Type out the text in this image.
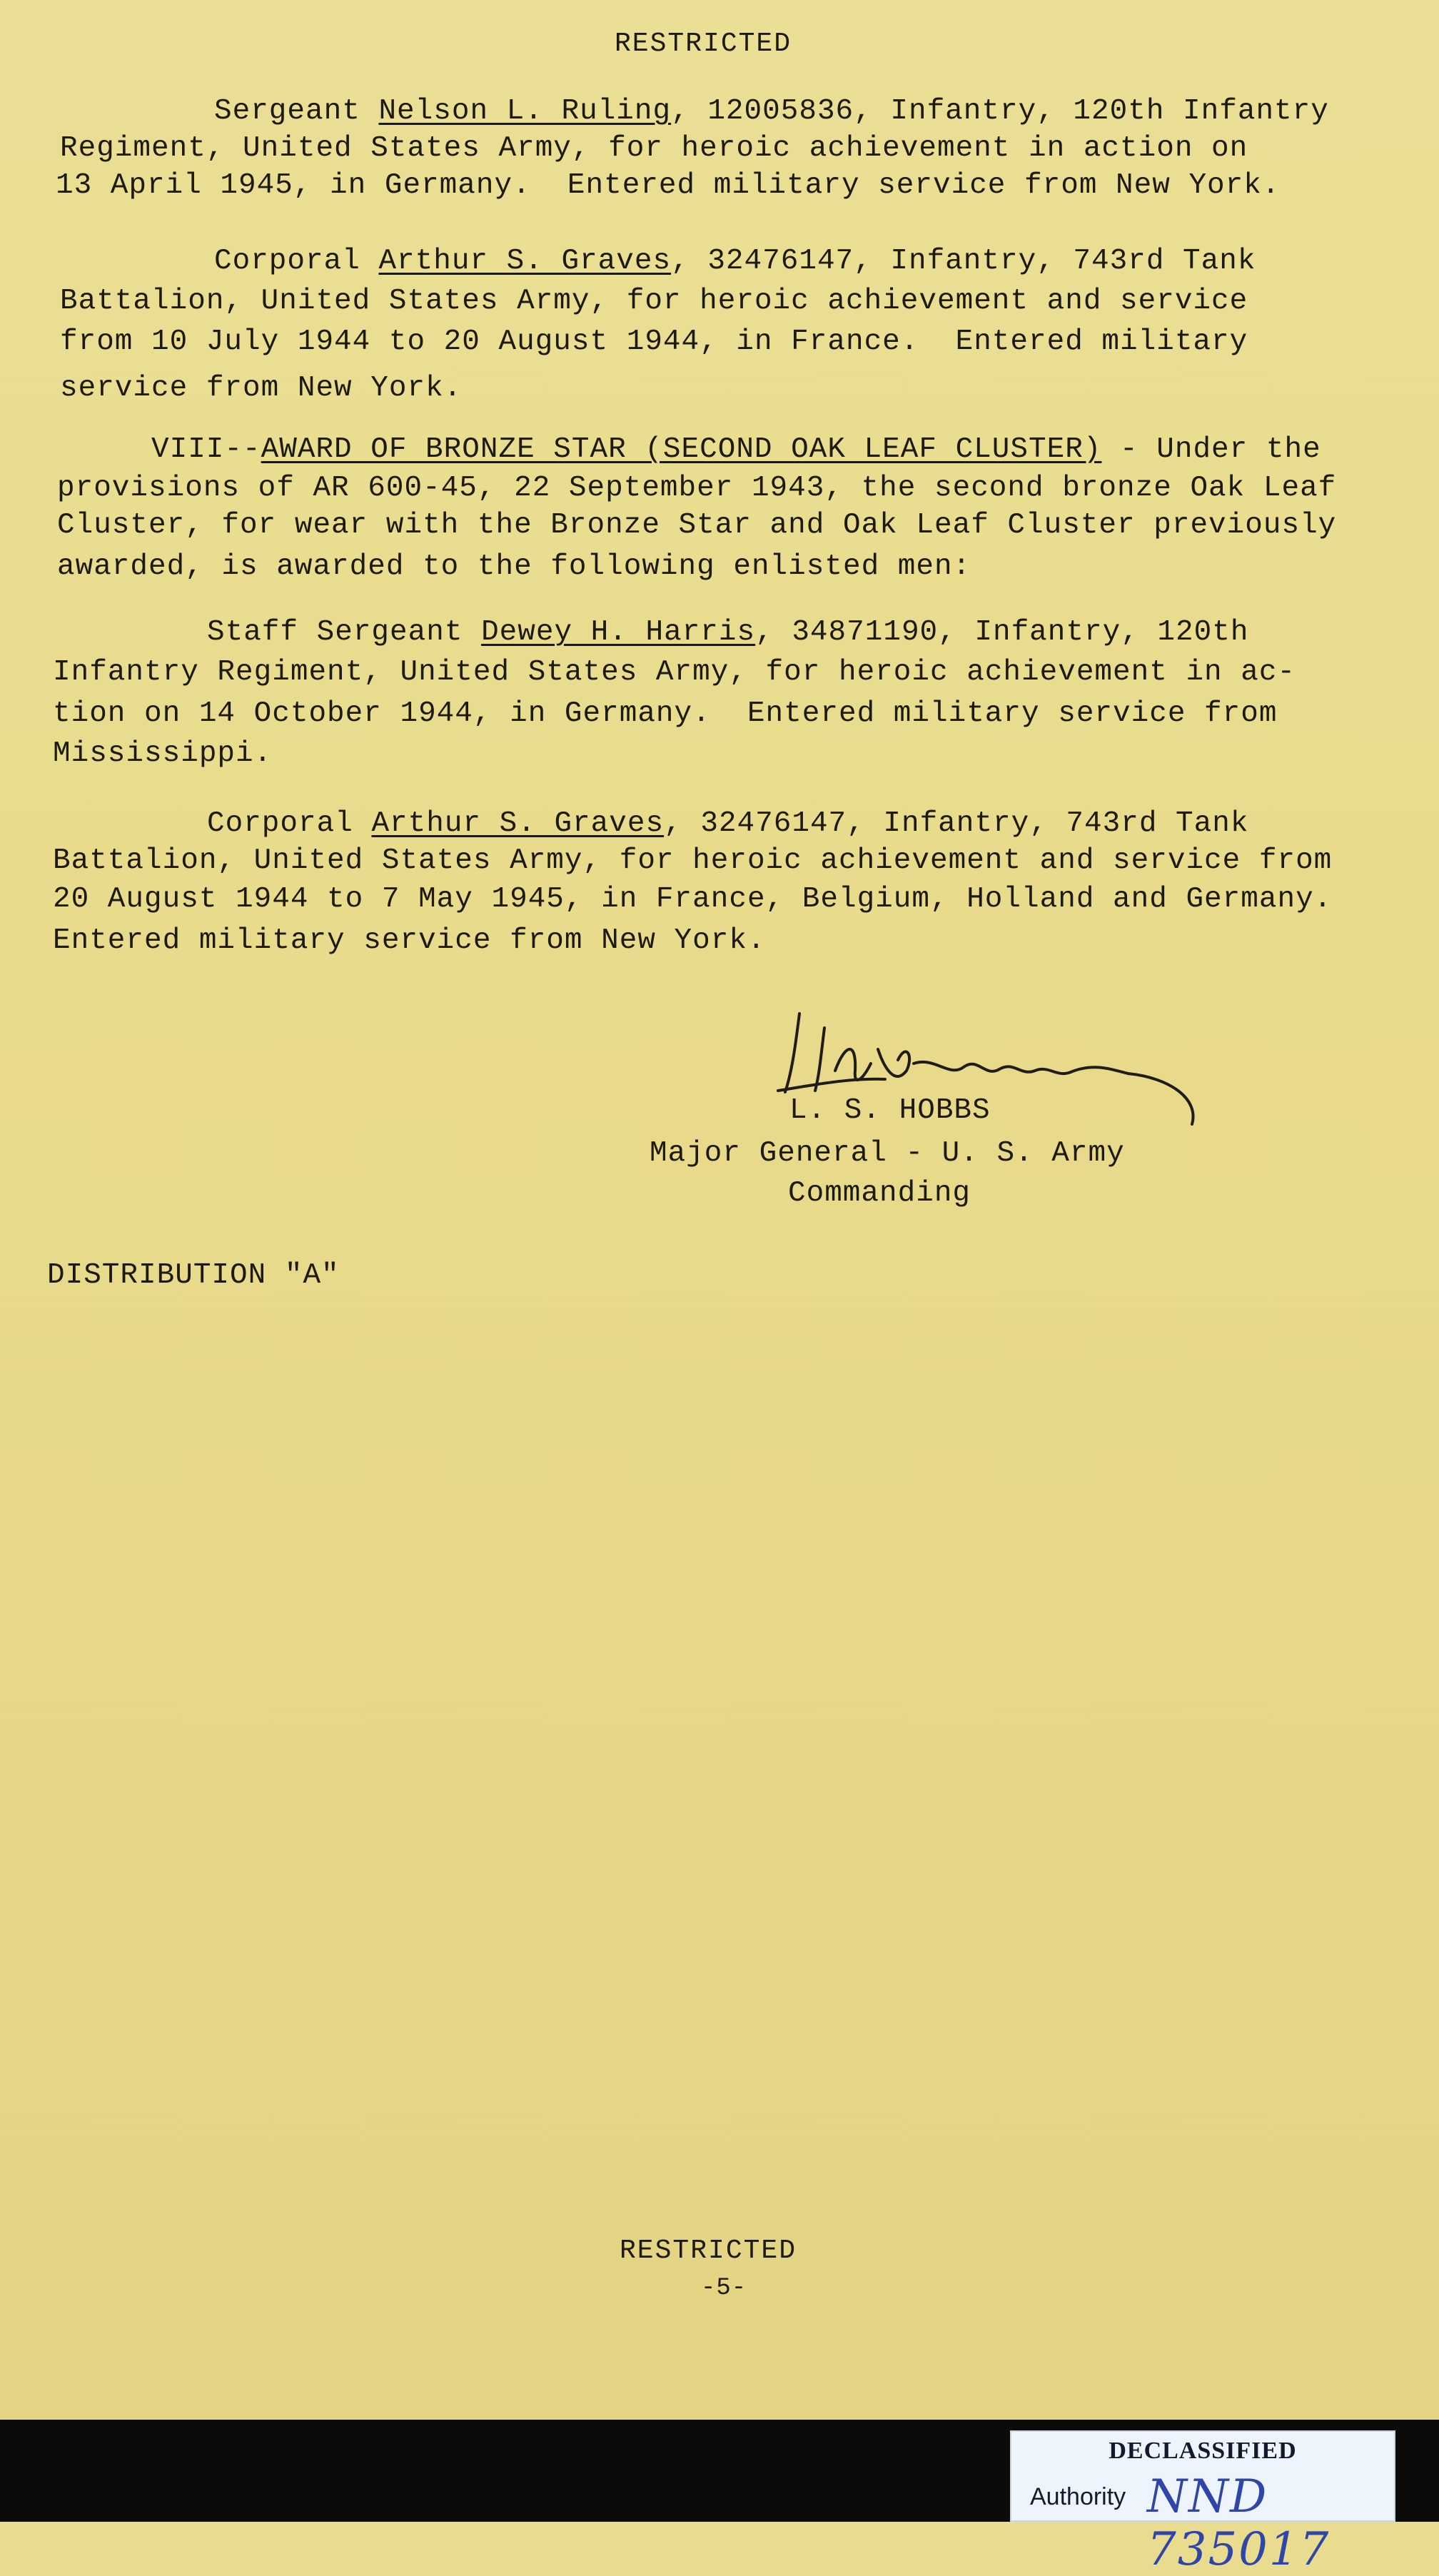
RESTRICTED
Sergeant Nelson L. Ruling, 12005836, Infantry, 120th Infantry
Regiment, United States Army, for heroic achievement in action on
13 April 1945, in Germany.  Entered military service from New York.
Corporal Arthur S. Graves, 32476147, Infantry, 743rd Tank
Battalion, United States Army, for heroic achievement and service
from 10 July 1944 to 20 August 1944, in France.  Entered military
service from New York.
VIII--AWARD OF BRONZE STAR (SECOND OAK LEAF CLUSTER) - Under the
provisions of AR 600-45, 22 September 1943, the second bronze Oak Leaf
Cluster, for wear with the Bronze Star and Oak Leaf Cluster previously
awarded, is awarded to the following enlisted men:
Staff Sergeant Dewey H. Harris, 34871190, Infantry, 120th
Infantry Regiment, United States Army, for heroic achievement in ac-
tion on 14 October 1944, in Germany.  Entered military service from
Mississippi.
Corporal Arthur S. Graves, 32476147, Infantry, 743rd Tank
Battalion, United States Army, for heroic achievement and service from
20 August 1944 to 7 May 1945, in France, Belgium, Holland and Germany.
Entered military service from New York.
L. S. HOBBS
Major General - U. S. Army
Commanding
DISTRIBUTION "A"
RESTRICTED
-5-
DECLASSIFIED
Authority NND 735017
